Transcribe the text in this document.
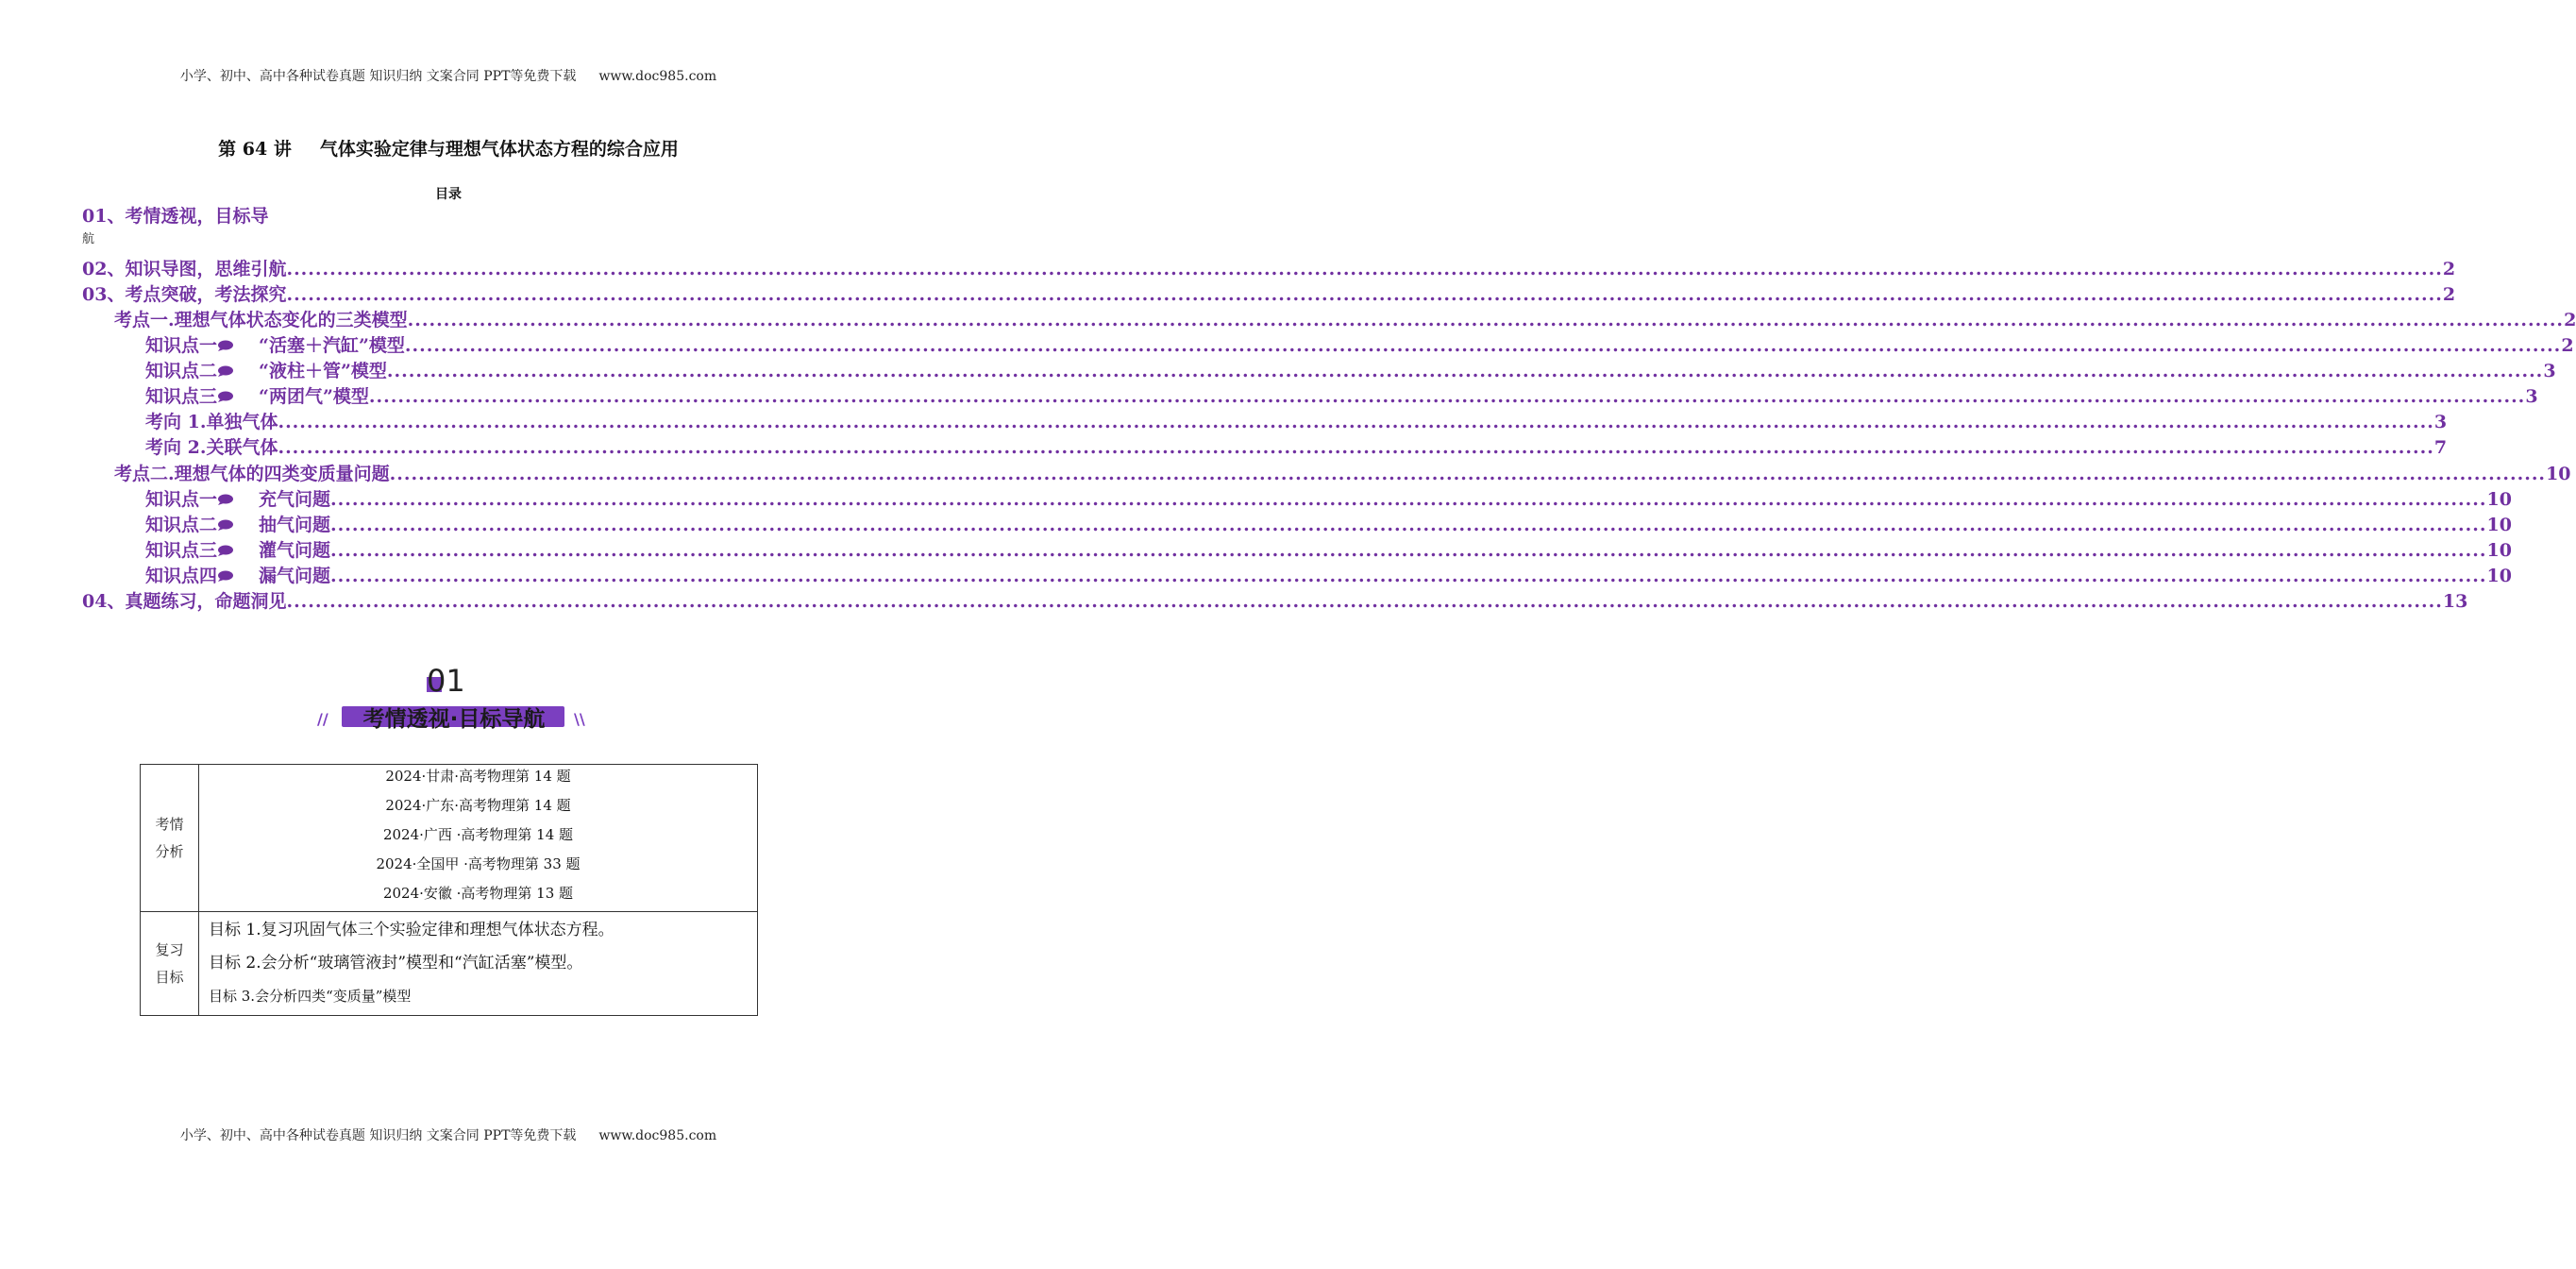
小学、初中、高中各种试卷真题 知识归纳 文案合同 PPT等免费下载 www.doc985.com
第 64 讲 气体实验定律与理想气体状态方程的综合应用
目录
01、考情透视，目标导
航
02、知识导图，思维引航 ............................................................................................................................................................................................................................................................................................................ 2
03、考点突破，考法探究 ............................................................................................................................................................................................................................................................................................................ 2
考点一.理想气体状态变化的三类模型 ............................................................................................................................................................................................................................................................................................................ 2
知识点一 “活塞＋汽缸”模型 ............................................................................................................................................................................................................................................................................................................ 2
知识点二 “液柱＋管”模型 ............................................................................................................................................................................................................................................................................................................ 3
知识点三 “两团气”模型 ............................................................................................................................................................................................................................................................................................................ 3
考向 1.单独气体 ............................................................................................................................................................................................................................................................................................................ 3
考向 2.关联气体 ............................................................................................................................................................................................................................................................................................................ 7
考点二.理想气体的四类变质量问题 ............................................................................................................................................................................................................................................................................................................ 10
知识点一 充气问题 ............................................................................................................................................................................................................................................................................................................ 10
知识点二 抽气问题 ............................................................................................................................................................................................................................................................................................................ 10
知识点三 灌气问题 ............................................................................................................................................................................................................................................................................................................ 10
知识点四 漏气问题 ............................................................................................................................................................................................................................................................................................................ 10
04、真题练习，命题洞见 ............................................................................................................................................................................................................................................................................................................ 13
01
//	考情透视·目标导航	\\
考情分析	2024·甘肃·高考物理第 14 题
2024·广东·高考物理第 14 题
2024·广西 ·高考物理第 14 题
2024·全国甲 ·高考物理第 33 题
2024·安徽 ·高考物理第 13 题

复习目标	目标 1.复习巩固气体三个实验定律和理想气体状态方程。
目标 2.会分析“玻璃管液封”模型和“汽缸活塞”模型。
目标 3.会分析四类“变质量”模型
小学、初中、高中各种试卷真题 知识归纳 文案合同 PPT等免费下载 www.doc985.com
